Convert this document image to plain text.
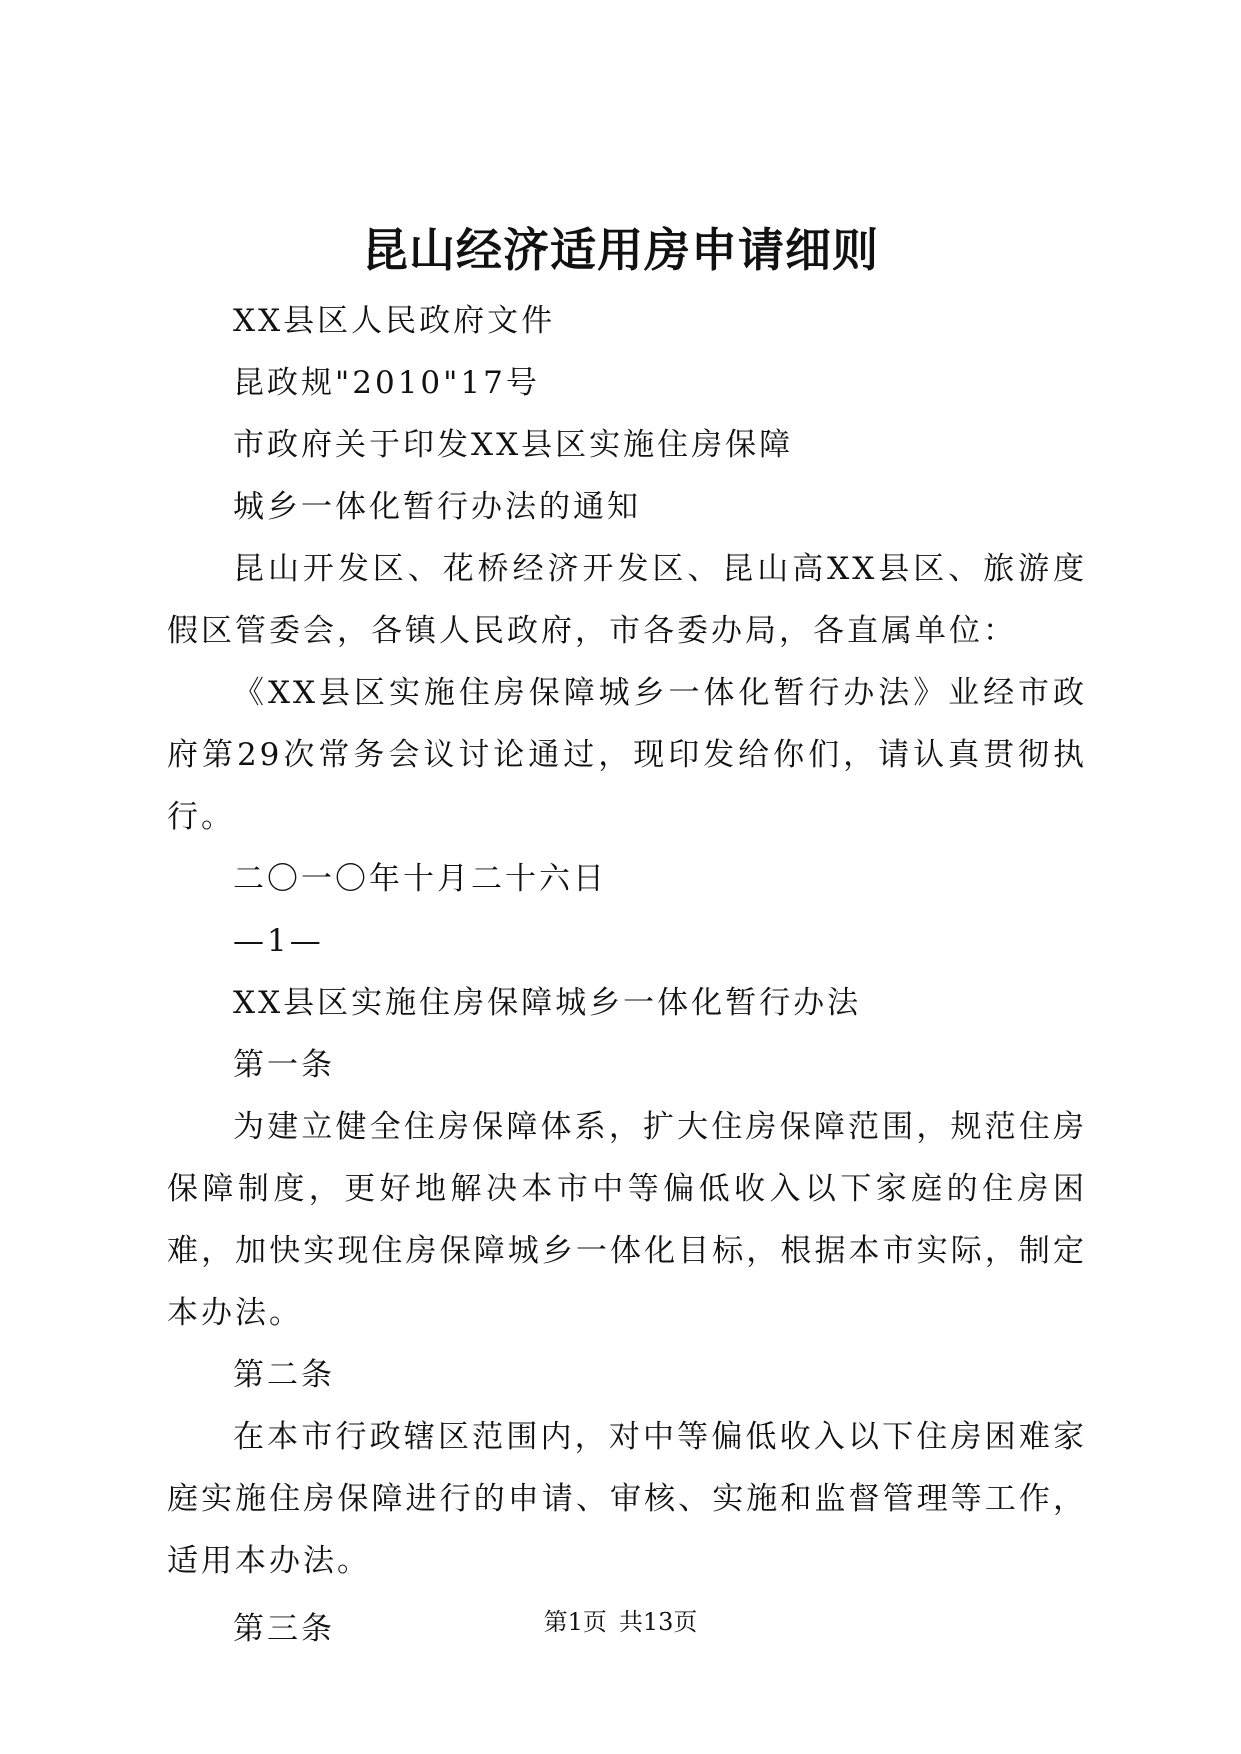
昆山经济适用房申请细则

XX县区人民政府文件

昆政规"2010"17号

市政府关于印发XX县区实施住房保障

城乡一体化暂行办法的通知

昆山开发区、花桥经济开发区、昆山高XX县区、旅游度假区管委会，各镇人民政府，市各委办局，各直属单位：

《XX县区实施住房保障城乡一体化暂行办法》业经市政府第29次常务会议讨论通过，现印发给你们，请认真贯彻执行。

二〇一〇年十月二十六日

—1—

XX县区实施住房保障城乡一体化暂行办法

第一条

为建立健全住房保障体系，扩大住房保障范围，规范住房保障制度，更好地解决本市中等偏低收入以下家庭的住房困难，加快实现住房保障城乡一体化目标，根据本市实际，制定本办法。

第二条

在本市行政辖区范围内，对中等偏低收入以下住房困难家庭实施住房保障进行的申请、审核、实施和监督管理等工作，适用本办法。

第三条	第1页 共13页
